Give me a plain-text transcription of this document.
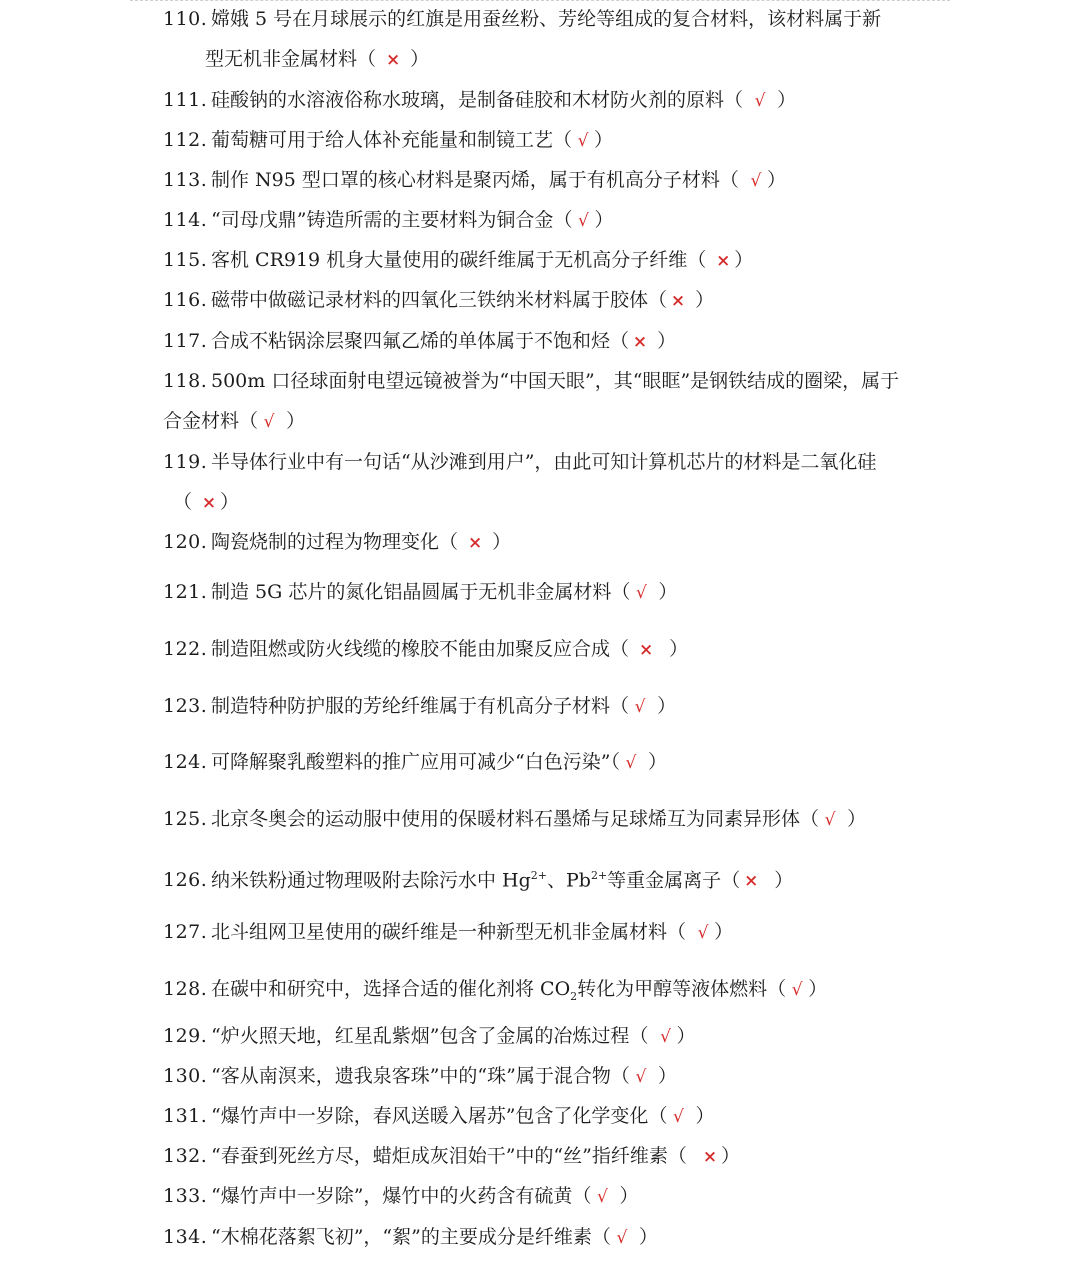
110. 嫦娥 5 号在月球展示的红旗是用蚕丝粉、芳纶等组成的复合材料，该材料属于新
型无机非金属材料（ × ）
111. 硅酸钠的水溶液俗称水玻璃，是制备硅胶和木材防火剂的原料（ √ ）
112. 葡萄糖可用于给人体补充能量和制镜工艺（ √ ）
113. 制作 N95 型口罩的核心材料是聚丙烯，属于有机高分子材料（ √ ）
114. “司母戊鼎”铸造所需的主要材料为铜合金（ √ ）
115. 客机 CR919 机身大量使用的碳纤维属于无机高分子纤维（ × ）
116. 磁带中做磁记录材料的四氧化三铁纳米材料属于胶体（ × ）
117. 合成不粘锅涂层聚四氟乙烯的单体属于不饱和烃（ × ）
118. 500m 口径球面射电望远镜被誉为“中国天眼”，其“眼眶”是钢铁结成的圈梁，属于
合金材料（ √ ）
119. 半导体行业中有一句话“从沙滩到用户”，由此可知计算机芯片的材料是二氧化硅
（ × ）
120. 陶瓷烧制的过程为物理变化（ × ）
121. 制造 5G 芯片的氮化铝晶圆属于无机非金属材料（ √ ）
122. 制造阻燃或防火线缆的橡胶不能由加聚反应合成（ ×  ）
123. 制造特种防护服的芳纶纤维属于有机高分子材料（ √ ）
124. 可降解聚乳酸塑料的推广应用可减少“白色污染”（ √ ）
125. 北京冬奥会的运动服中使用的保暖材料石墨烯与足球烯互为同素异形体（ √ ）
126. 纳米铁粉通过物理吸附去除污水中 $Hg^{2+}$、$Pb^{2+}$等重金属离子（ ×  ）
127. 北斗组网卫星使用的碳纤维是一种新型无机非金属材料（ √ ）
128. 在碳中和研究中，选择合适的催化剂将 $CO_2$转化为甲醇等液体燃料（ √ ）
129. “炉火照天地，红星乱紫烟”包含了金属的冶炼过程（ √ ）
130. “客从南溟来，遗我泉客珠”中的“珠”属于混合物（ √ ）
131. “爆竹声中一岁除，春风送暖入屠苏”包含了化学变化（ √ ）
132. “春蚕到死丝方尽，蜡炬成灰泪始干”中的“丝”指纤维素（  × ）
133. “爆竹声中一岁除”，爆竹中的火药含有硫黄（ √ ）
134. “木棉花落絮飞初”，“絮”的主要成分是纤维素（ √ ）
